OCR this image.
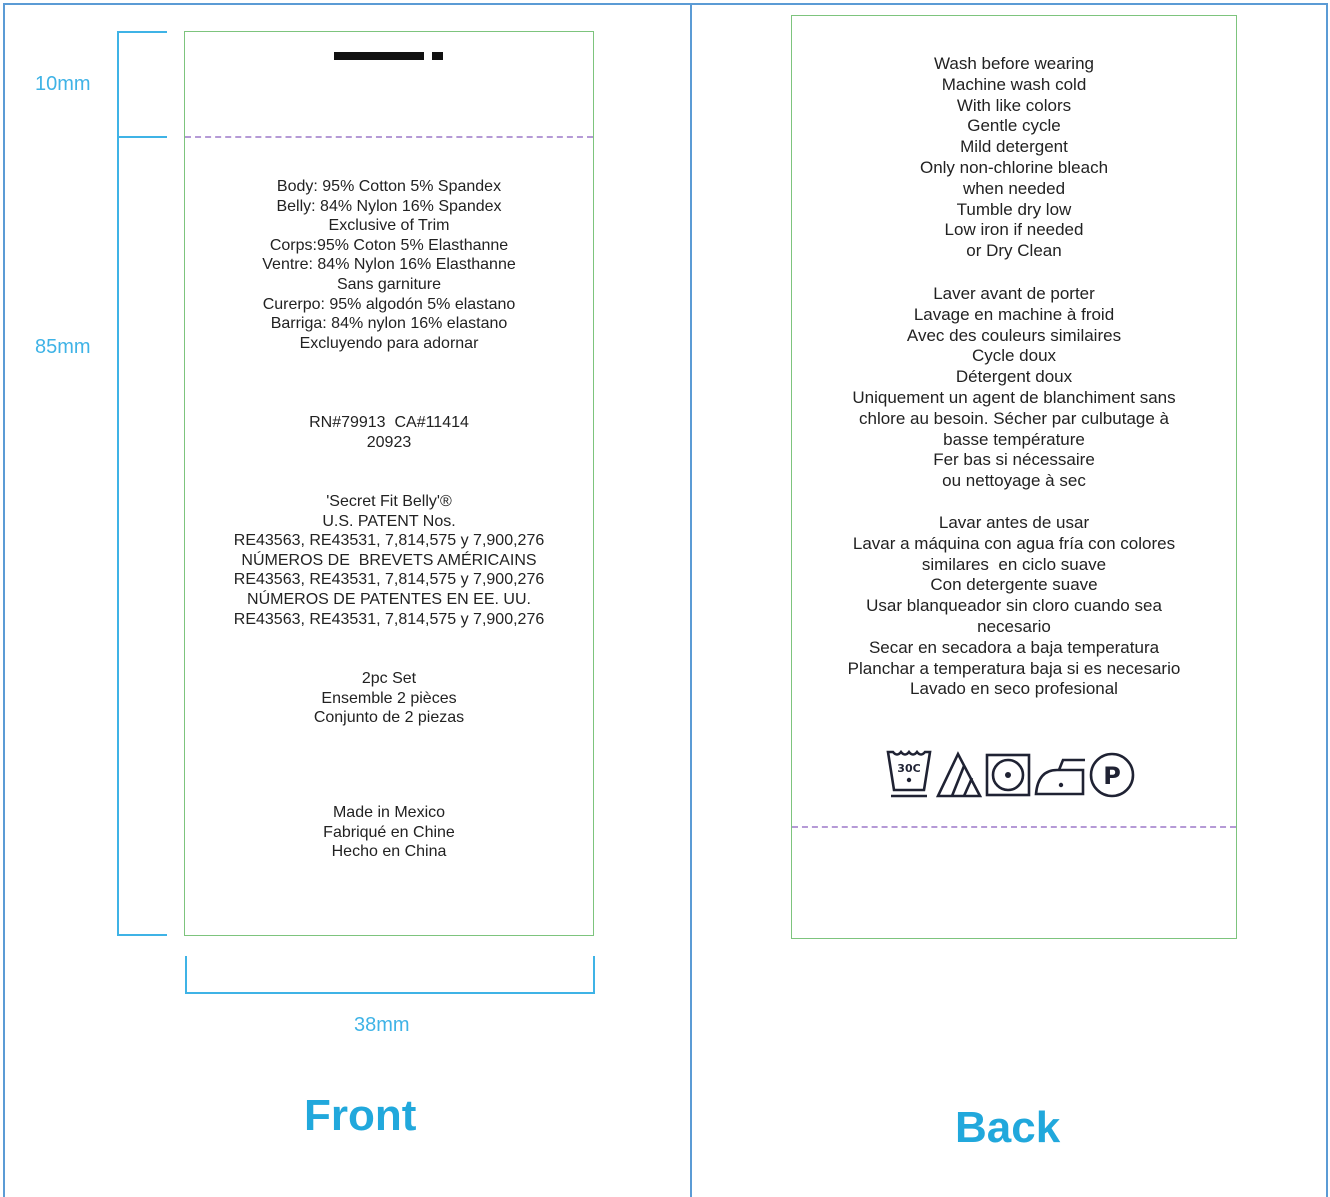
10mm
85mm
Body: 95% Cotton 5% Spandex
Belly: 84% Nylon 16% Spandex
Exclusive of Trim
Corps:95% Coton 5% Elasthanne
Ventre: 84% Nylon 16% Elasthanne
Sans garniture
Curerpo: 95% algodón 5% elastano
Barriga: 84% nylon 16% elastano
Excluyendo para adornar
RN#79913  CA#11414
20923
'Secret Fit Belly'®
U.S. PATENT Nos.
RE43563, RE43531, 7,814,575 y 7,900,276
NÚMEROS DE  BREVETS AMÉRICAINS
RE43563, RE43531, 7,814,575 y 7,900,276
NÚMEROS DE PATENTES EN EE. UU.
RE43563, RE43531, 7,814,575 y 7,900,276
2pc Set
Ensemble 2 pièces
Conjunto de 2 piezas
Made in Mexico
Fabriqué en Chine
Hecho en China
38mm
Front
Wash before wearing
Machine wash cold
With like colors
Gentle cycle
Mild detergent
Only non-chlorine bleach
when needed
Tumble dry low
Low iron if needed
or Dry Clean
Laver avant de porter
Lavage en machine à froid
Avec des couleurs similaires
Cycle doux
Détergent doux
Uniquement un agent de blanchiment sans
chlore au besoin. Sécher par culbutage à
basse température
Fer bas si nécessaire
ou nettoyage à sec
Lavar antes de usar
Lavar a máquina con agua fría con colores
similares  en ciclo suave
Con detergente suave
Usar blanqueador sin cloro cuando sea
necesario
Secar en secadora a baja temperatura
Planchar a temperatura baja si es necesario
Lavado en seco profesional
30C	P
Back
